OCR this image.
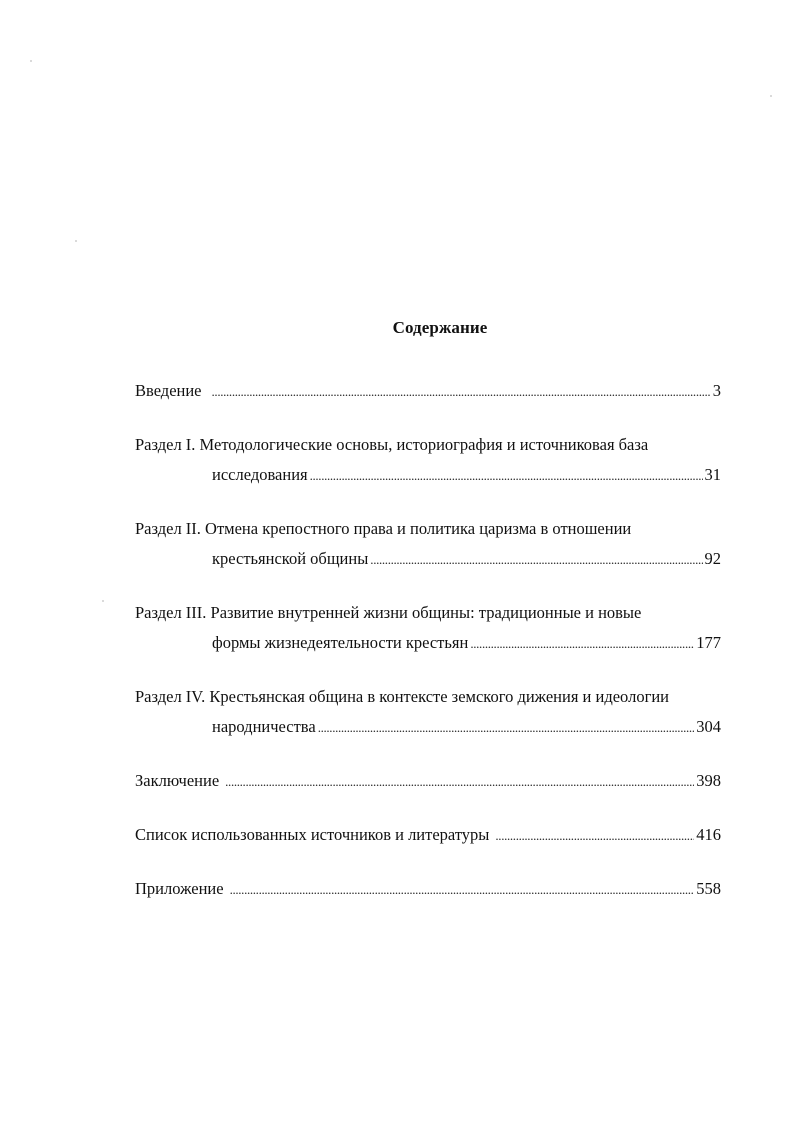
Содержание
Введение . . .	3
Раздел I. Методологические основы, историография и источниковая база
исследования . . .	31
Раздел II. Отмена крепостного права и политика царизма в отношении
крестьянской общины . . .	92
Раздел III. Развитие внутренней жизни общины: традиционные и новые
формы жизнедеятельности крестьян . . .	177
Раздел IV. Крестьянская община в контексте земского дижения и идеологии
народничества . . .	304
Заключение . . .	398
Список использованных источников и литературы . . .	416
Приложение . . .	558
